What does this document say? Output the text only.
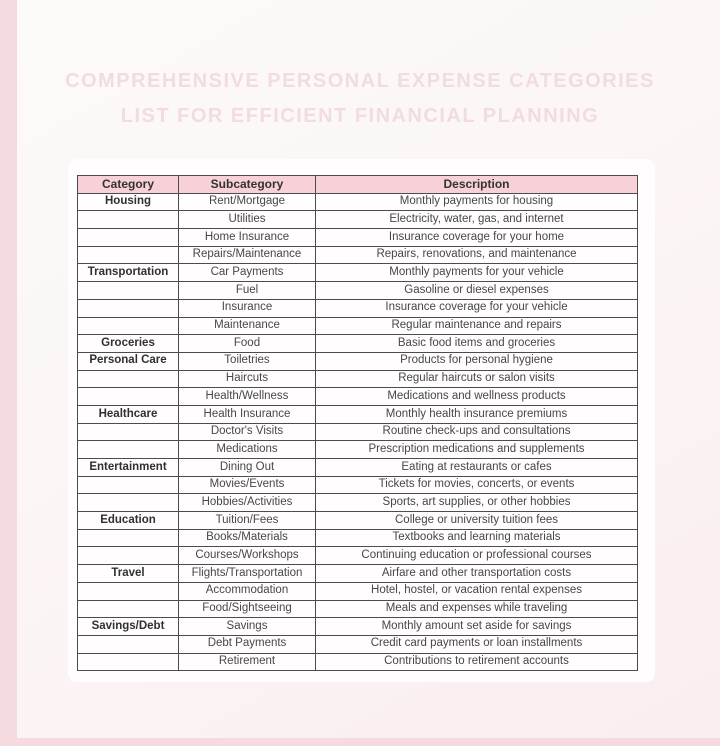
COMPREHENSIVE PERSONAL EXPENSE CATEGORIES
LIST FOR EFFICIENT FINANCIAL PLANNING
Category	Subcategory	Description
Housing	Rent/Mortgage	Monthly payments for housing
	Utilities	Electricity, water, gas, and internet
	Home Insurance	Insurance coverage for your home
	Repairs/Maintenance	Repairs, renovations, and maintenance
Transportation	Car Payments	Monthly payments for your vehicle
	Fuel	Gasoline or diesel expenses
	Insurance	Insurance coverage for your vehicle
	Maintenance	Regular maintenance and repairs
Groceries	Food	Basic food items and groceries
Personal Care	Toiletries	Products for personal hygiene
	Haircuts	Regular haircuts or salon visits
	Health/Wellness	Medications and wellness products
Healthcare	Health Insurance	Monthly health insurance premiums
	Doctor's Visits	Routine check-ups and consultations
	Medications	Prescription medications and supplements
Entertainment	Dining Out	Eating at restaurants or cafes
	Movies/Events	Tickets for movies, concerts, or events
	Hobbies/Activities	Sports, art supplies, or other hobbies
Education	Tuition/Fees	College or university tuition fees
	Books/Materials	Textbooks and learning materials
	Courses/Workshops	Continuing education or professional courses
Travel	Flights/Transportation	Airfare and other transportation costs
	Accommodation	Hotel, hostel, or vacation rental expenses
	Food/Sightseeing	Meals and expenses while traveling
Savings/Debt	Savings	Monthly amount set aside for savings
	Debt Payments	Credit card payments or loan installments
	Retirement	Contributions to retirement accounts
